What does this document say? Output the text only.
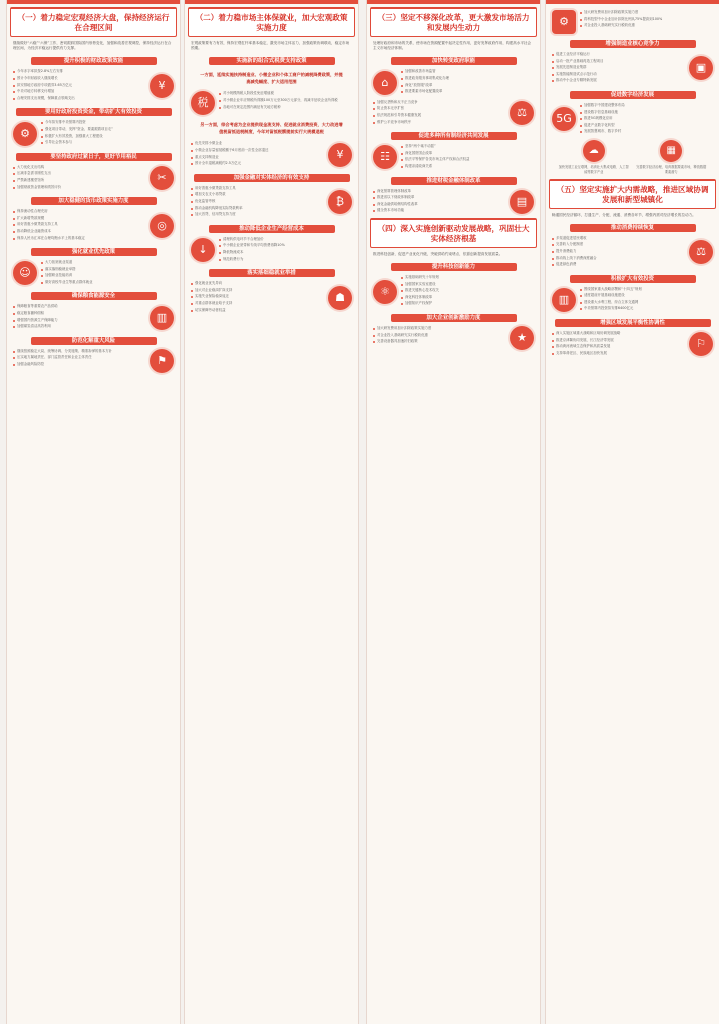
（一）着力稳定宏观经济大盘，保持经济运行在合理区间
继续做好“六稳”“六保”工作，密切跟踪国际国内形势变化，加强和改善宏观调控，保持经济运行在合理区间，为经济平稳运行提供有力支撑。
提升积极的财政政策效能
今年赤字率拟按2.8%左右安排
预计今年财政收入继续增长
拟安排地方政府专项债券3.65万亿元
中央对地方转移支付增加
合理安排支出规模，保障重点领域支出
¥
要用好政府投资资金，带动扩大有效投资
⚙
今年拟安排中央预算内投资
强化项目带动，发挥“资金、要素跟着项目走”
积极扩大有效投资，加强重大工程建设
引导社会资本参与
要坚持政府过紧日子，更好节用裕民
大力优化支出结构
压减非急需非刚性支出
严禁新建楼堂馆所
加强财政资金管理和绩效评价
✂
加大稳健的货币政策实施力度
保持流动性合理充裕
扩大新增贷款规模
用好普惠小微贷款支持工具
推动降低企业融资成本
保持人民币汇率在合理均衡水平上的基本稳定
◎
强化就业优先政策
☺
大力拓宽就业渠道
落实落细稳就业举措
加强职业技能培训
做好高校毕业生等重点群体就业
确保粮食能源安全
保障粮食等重要农产品供给
稳定粮食播种面积
增强国内资源生产保障能力
加强煤炭清洁高效利用
▥
防范化解重大风险
继续按照稳定大局、统筹协调、分类施策、精准拆弹的基本方针
压实地方属地责任、部门监管责任和企业主体责任
加强金融风险防控	⚑
（二）着力稳市场主体保就业，加大宏观政策实施力度
宏观政策要有力有效，保持宏观杠杆率基本稳定，激发市场主体活力，加强政策协调联动，稳定市场预期。
实施新的组合式税费支持政策
一方面，延续实施扶持制造业、小微企业和个体工商户的减税降费政策，并提高减免幅度、扩大适用范围
税
对小规模纳税人阶段性免征增值税
对小微企业年应纳税所得额100万元至300万元部分，再减半征收企业所得税
各地可在规定范围内减征有关地方税种
另一方面，综合考虑为企业提供现金流支持、促进就业消费投资，大力改进增值税留抵退税制度，今年对留抵税额提前实行大规模退税
优先安排小微企业
小微企业存量留抵税额于6月底前一次性全部退还
重点支持制造业
预计全年退税减税约2.5万亿元
¥
加强金融对实体经济的有效支持
用好普惠小微贷款支持工具
增加支农支小再贷款
优化监管考核
推动金融机构降低实际贷款利率
加大首贷、信用贷支持力度
₿
推动降低企业生产经营成本
↓
清理转供电环节不合理加价
中小微企业宽带和专线平均资费再降10%
降低物流成本
规范收费行为
落实落细稳就业举措
强化就业优先导向
加大对企业稳岗扩岗支持
实施失业保险稳岗返还
对重点群体就业给予支持
切实保障劳动者权益
☗
（三）坚定不移深化改革，更大激发市场活力和发展内生动力
处理好政府和市场的关系，使市场在资源配置中起决定性作用，更好发挥政府作用，构建高水平社会主义市场经济体制。
加快转变政府职能
⌂
加强和改善市场监管
推进政务服务事项集成化办理
深化“放管服”改革
推进要素市场化配置改革
加强反垄断和反不正当竞争
防止资本无序扩张
依法规范和引导资本健康发展
维护公平竞争市场秩序
⚖
促进多种所有制经济共同发展
☷
坚持“两个毫不动摇”
深化国资国企改革
依法平等保护各类市场主体产权和合法权益
构建亲清政商关系
推进财税金融体制改革
深化预算管理体制改革
推进省以下财政体制改革
深化金融供给侧结构性改革
健全资本市场功能
▤
（四）深入实施创新驱动发展战略，巩固壮大实体经济根基
推进科技创新，促进产业优化升级，突破供给约束堵点，依靠创新提高发展质量。
提升科技创新能力
⚛
实施基础研究十年规划
加强国家实验室建设
推进关键核心技术攻关
深化科技体制改革
加强知识产权保护
加大企业创新激励力度
加大研发费用加计扣除政策实施力度
对企业投入基础研究实行税收优惠
完善设备器具加速折旧政策	★
⚙
加大研发费用加计扣除政策实施力度
将科技型中小企业加计扣除比例从75%提高到100%
对企业投入基础研究实行税收优惠
增强制造业核心竞争力
促进工业经济平稳运行
启动一批产业基础再造工程项目
发展先进制造业集群
实施智能制造试点示范行动
推动中小企业专精特新发展
▣
促进数字经济发展
5G
加强数字中国建设整体布局
建设数字信息基础设施
推进5G规模化应用
促进产业数字化转型
发展智慧城市、数字乡村
☁
加快发展工业互联网，培育壮大集成电路、人工智能等数字产业
▦
完善数字经济治理，培育数据要素市场，释放数据要素潜力
（五）坚定实施扩大内需战略，推进区域协调发展和新型城镇化
畅通国民经济循环，打通生产、分配、流通、消费各环节，增强内需对经济增长的拉动力。
推动消费持续恢复
多渠道促进居民增收
完善收入分配制度
提升消费能力
推动线上线下消费深度融合
促进绿色消费
⚖
积极扩大有效投资
▥
围绕国家重大战略部署和“十四五”规划
适度超前开展基础设施建设
建设重大水利工程、综合立体交通网
中央预算内投资拟安排6400亿元
增强区域发展平衡性协调性
深入实施区域重大战略和区域协调发展战略
推进京津冀协同发展、长江经济带发展
推动黄河流域生态保护和高质量发展
支持革命老区、民族地区加快发展
⚐
